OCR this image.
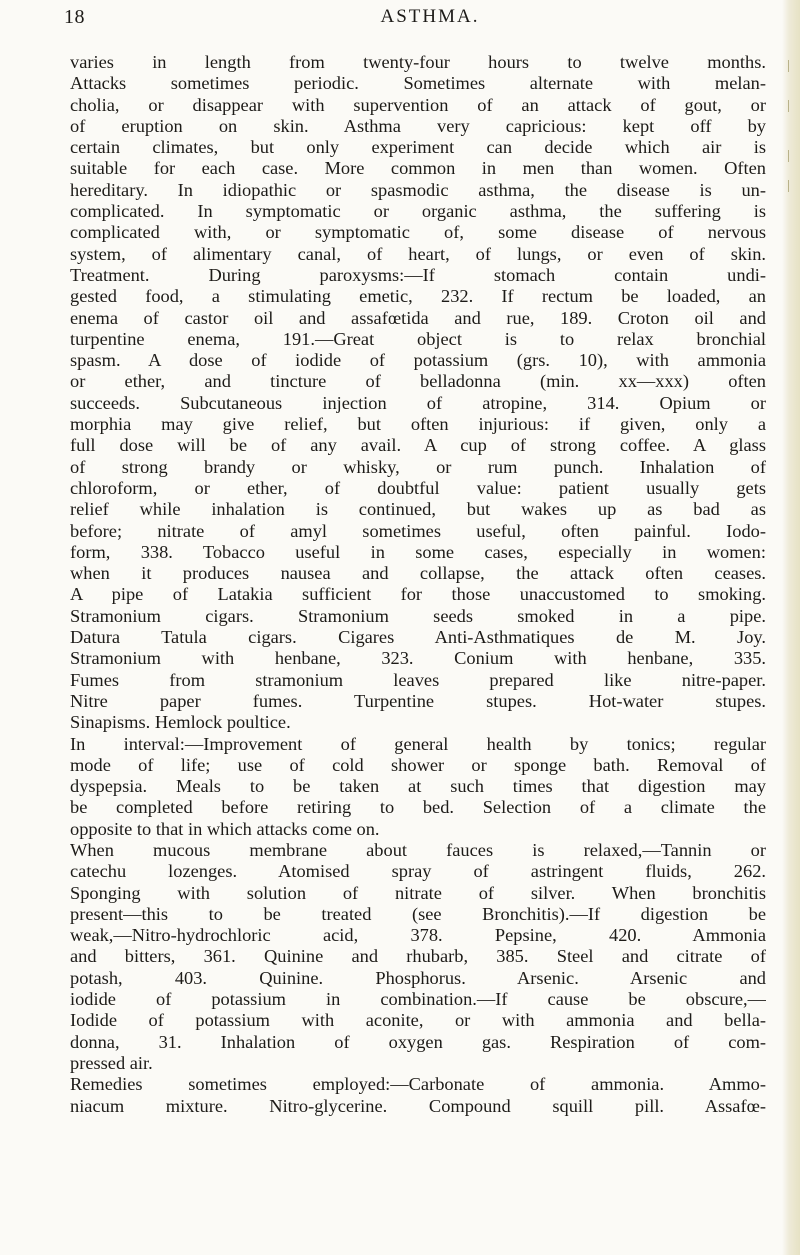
18	ASTHMA.
varies in length from twenty-four hours to twelve months.
Attacks sometimes periodic. Sometimes alternate with melan-
cholia, or disappear with supervention of an attack of gout, or
of eruption on skin. Asthma very capricious: kept off by
certain climates, but only experiment can decide which air is
suitable for each case. More common in men than women. Often
hereditary. In idiopathic or spasmodic asthma, the disease is un-
complicated. In symptomatic or organic asthma, the suffering is
complicated with, or symptomatic of, some disease of nervous
system, of alimentary canal, of heart, of lungs, or even of skin.
Treatment. During paroxysms:—If stomach contain undi-
gested food, a stimulating emetic, 232. If rectum be loaded, an
enema of castor oil and assafœtida and rue, 189. Croton oil and
turpentine enema, 191.—Great object is to relax bronchial
spasm. A dose of iodide of potassium (grs. 10), with ammonia
or ether, and tincture of belladonna (min. xx—xxx) often
succeeds. Subcutaneous injection of atropine, 314. Opium or
morphia may give relief, but often injurious: if given, only a
full dose will be of any avail. A cup of strong coffee. A glass
of strong brandy or whisky, or rum punch. Inhalation of
chloroform, or ether, of doubtful value: patient usually gets
relief while inhalation is continued, but wakes up as bad as
before; nitrate of amyl sometimes useful, often painful. Iodo-
form, 338. Tobacco useful in some cases, especially in women:
when it produces nausea and collapse, the attack often ceases.
A pipe of Latakia sufficient for those unaccustomed to smoking.
Stramonium cigars. Stramonium seeds smoked in a pipe.
Datura Tatula cigars. Cigares Anti-Asthmatiques de M. Joy.
Stramonium with henbane, 323. Conium with henbane, 335.
Fumes from stramonium leaves prepared like nitre-paper.
Nitre paper fumes. Turpentine stupes. Hot-water stupes.
Sinapisms. Hemlock poultice.
In interval:—Improvement of general health by tonics; regular
mode of life; use of cold shower or sponge bath. Removal of
dyspepsia. Meals to be taken at such times that digestion may
be completed before retiring to bed. Selection of a climate the
opposite to that in which attacks come on.
When mucous membrane about fauces is relaxed,—Tannin or
catechu lozenges. Atomised spray of astringent fluids, 262.
Sponging with solution of nitrate of silver. When bronchitis
present—this to be treated (see Bronchitis).—If digestion be
weak,—Nitro-hydrochloric acid, 378. Pepsine, 420. Ammonia
and bitters, 361. Quinine and rhubarb, 385. Steel and citrate of
potash, 403. Quinine. Phosphorus. Arsenic. Arsenic and
iodide of potassium in combination.—If cause be obscure,—
Iodide of potassium with aconite, or with ammonia and bella-
donna, 31. Inhalation of oxygen gas. Respiration of com-
pressed air.
Remedies sometimes employed:—Carbonate of ammonia. Ammo-
niacum mixture. Nitro-glycerine. Compound squill pill. Assafœ-
